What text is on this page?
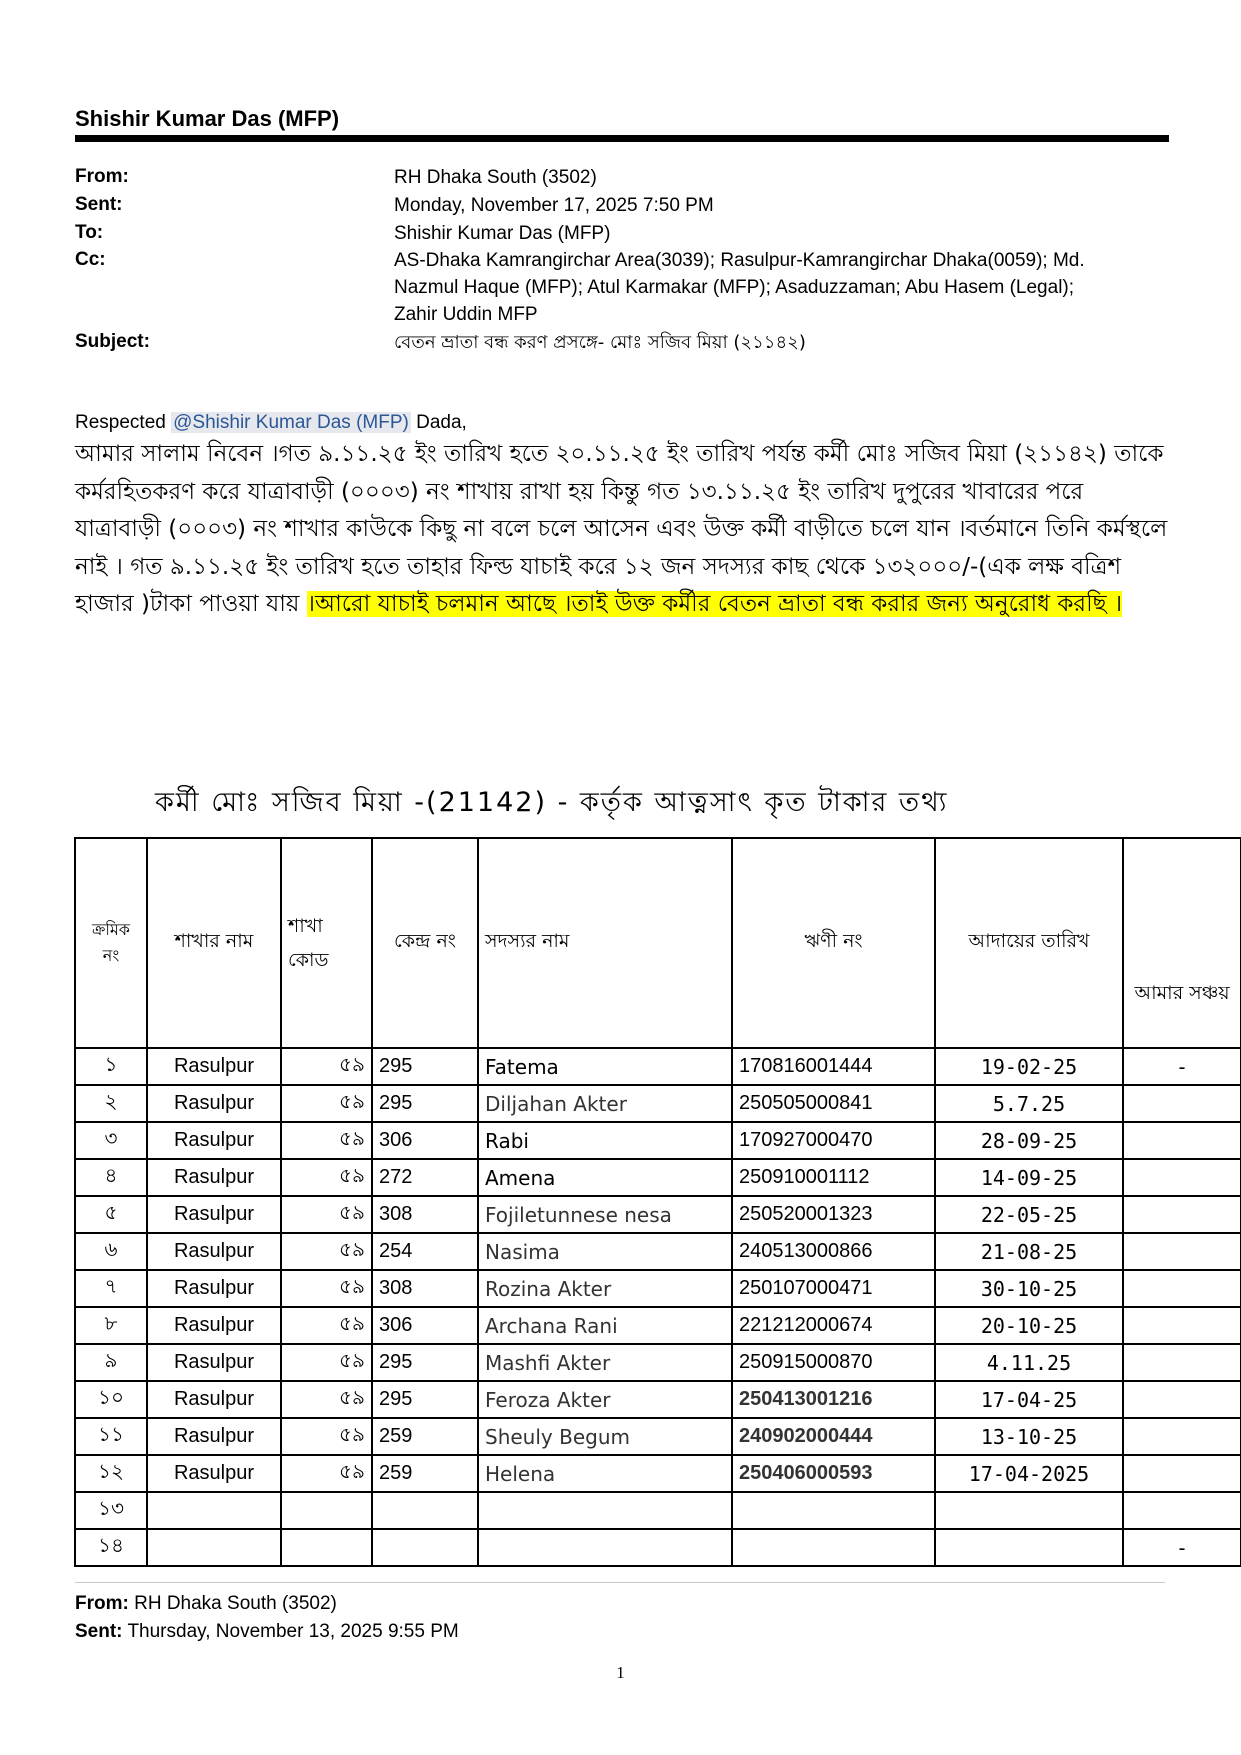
Shishir Kumar Das (MFP)
From:	RH Dhaka South (3502)
Sent:	Monday, November 17, 2025 7:50 PM
To:	Shishir Kumar Das (MFP)
Cc:	AS-Dhaka Kamrangirchar Area(3039); Rasulpur-Kamrangirchar Dhaka(0059); Md.
Nazmul Haque (MFP); Atul Karmakar (MFP); Asaduzzaman; Abu Hasem (Legal);
Zahir Uddin MFP
Subject:	বেতন ভ্রাতা বন্ধ করণ প্রসঙ্গে- মোঃ সজিব মিয়া (২১১৪২)
Respected @Shishir Kumar Das (MFP) Dada,
আমার সালাম নিবেন ।গত ৯.১১.২৫ ইং তারিখ হতে ২০.১১.২৫ ইং তারিখ পর্যন্ত কর্মী মোঃ সজিব মিয়া (২১১৪২) তাকে কর্মরহিতকরণ করে যাত্রাবাড়ী (০০০৩) নং শাখায় রাখা হয় কিন্তু গত ১৩.১১.২৫ ইং তারিখ দুপুরের খাবারের পরে যাত্রাবাড়ী (০০০৩) নং শাখার কাউকে কিছু না বলে চলে আসেন এবং উক্ত কর্মী বাড়ীতে চলে যান ।বর্তমানে তিনি কর্মস্থলে নাই । গত ৯.১১.২৫ ইং তারিখ হতে তাহার ফিল্ড যাচাই করে ১২ জন সদস্যর কাছ থেকে ১৩২০০০/-(এক লক্ষ বত্রিশ হাজার )টাকা পাওয়া যায় ।আরো যাচাই চলমান আছে ।তাই উক্ত কর্মীর বেতন ভ্রাতা বন্ধ করার জন্য অনুরোধ করছি ।
কর্মী মোঃ সজিব মিয়া -(21142) - কর্তৃক আত্নসাৎ কৃত টাকার তথ্য
ক্রমিক নং	শাখার নাম	শাখা কোড	কেন্দ্র নং	সদস্যর নাম	ঋণী নং	আদায়ের তারিখ	আমার সঞ্চয়	
১	Rasulpur	৫৯	295	Fatema	170816001444	19-02-25	-	
২	Rasulpur	৫৯	295	Diljahan Akter	250505000841	5.7.25		
৩	Rasulpur	৫৯	306	Rabi	170927000470	28-09-25		
৪	Rasulpur	৫৯	272	Amena	250910001112	14-09-25		
৫	Rasulpur	৫৯	308	Fojiletunnese nesa	250520001323	22-05-25		
৬	Rasulpur	৫৯	254	Nasima	240513000866	21-08-25		
৭	Rasulpur	৫৯	308	Rozina Akter	250107000471	30-10-25		
৮	Rasulpur	৫৯	306	Archana Rani	221212000674	20-10-25		
৯	Rasulpur	৫৯	295	Mashfi Akter	250915000870	4.11.25		
১০	Rasulpur	৫৯	295	Feroza Akter	250413001216	17-04-25		
১১	Rasulpur	৫৯	259	Sheuly Begum	240902000444	13-10-25		
১২	Rasulpur	৫৯	259	Helena	250406000593	17-04-2025		
১৩								
১৪							-	
From: RH Dhaka South (3502)
Sent: Thursday, November 13, 2025 9:55 PM
1
